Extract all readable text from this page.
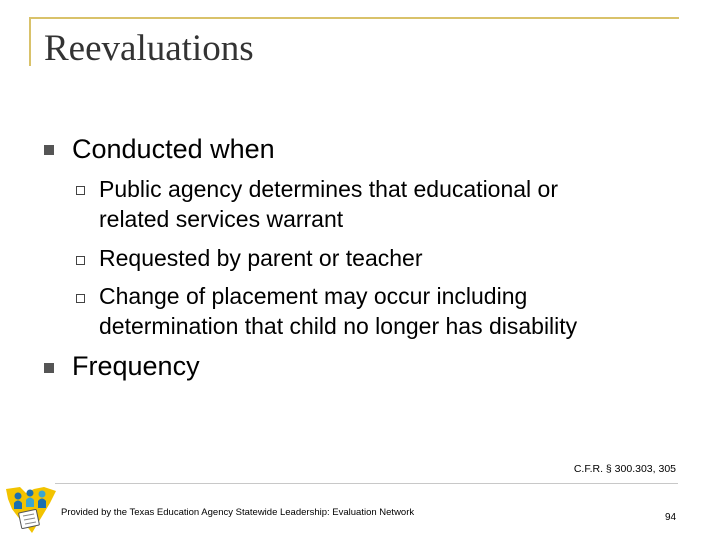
Reevaluations
Conducted when
Public agency determines that educational or
related services warrant
Requested by parent or teacher
Change of placement may occur including
determination that child no longer has disability
Frequency
C.F.R. § 300.303, 305
Provided by the Texas Education Agency Statewide Leadership: Evaluation Network	94
